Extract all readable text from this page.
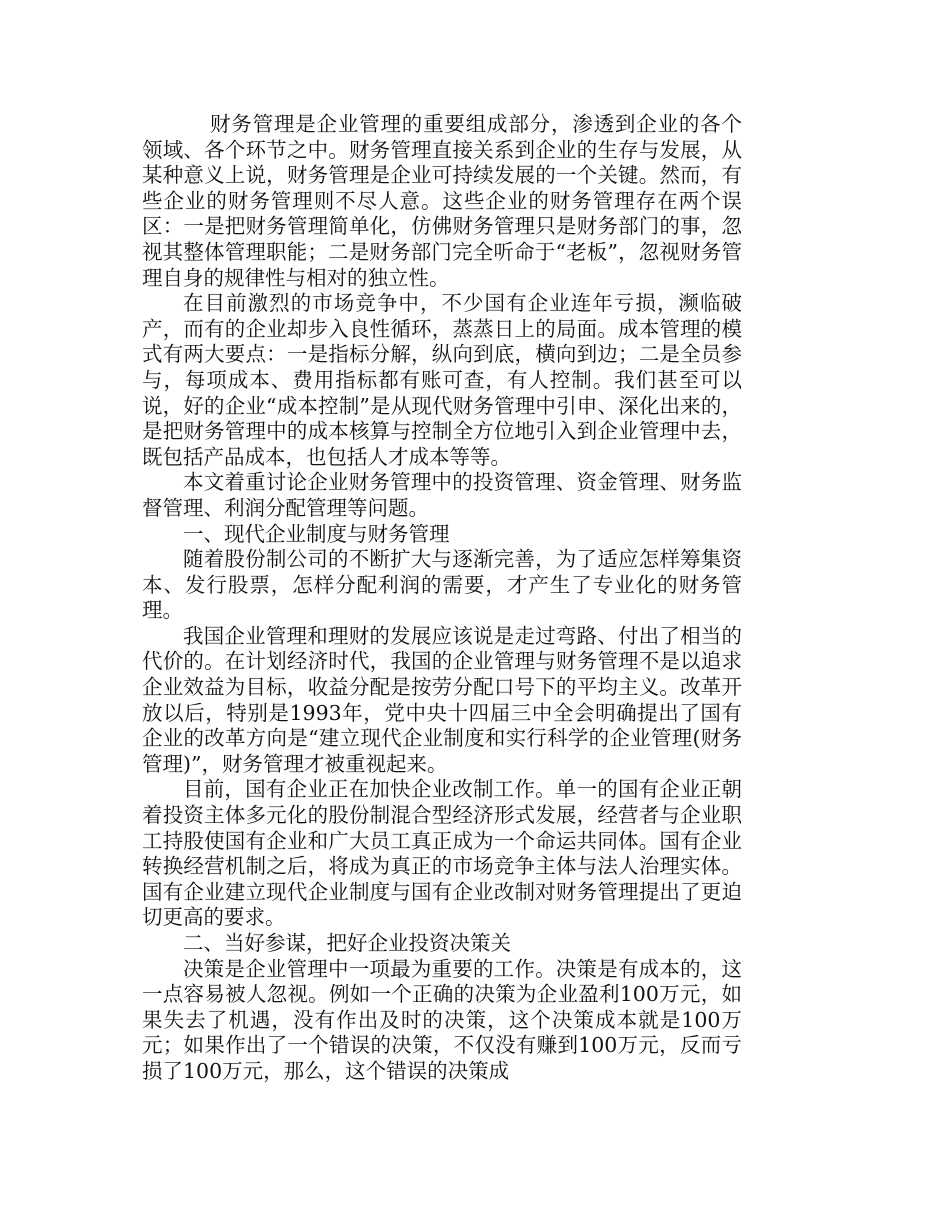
财务管理是企业管理的重要组成部分，渗透到企业的各个领域、各个环节之中。财务管理直接关系到企业的生存与发展，从某种意义上说，财务管理是企业可持续发展的一个关键。然而，有些企业的财务管理则不尽人意。这些企业的财务管理存在两个误区：一是把财务管理简单化，仿佛财务管理只是财务部门的事，忽视其整体管理职能；二是财务部门完全听命于“老板”，忽视财务管理自身的规律性与相对的独立性。

在目前激烈的市场竞争中，不少国有企业连年亏损，濒临破产，而有的企业却步入良性循环，蒸蒸日上的局面。成本管理的模式有两大要点：一是指标分解，纵向到底，横向到边；二是全员参与，每项成本、费用指标都有账可查，有人控制。我们甚至可以说，好的企业“成本控制”是从现代财务管理中引申、深化出来的，是把财务管理中的成本核算与控制全方位地引入到企业管理中去，既包括产品成本，也包括人才成本等等。

本文着重讨论企业财务管理中的投资管理、资金管理、财务监督管理、利润分配管理等问题。

一、现代企业制度与财务管理

随着股份制公司的不断扩大与逐渐完善，为了适应怎样筹集资本、发行股票，怎样分配利润的需要，才产生了专业化的财务管理。

我国企业管理和理财的发展应该说是走过弯路、付出了相当的代价的。在计划经济时代，我国的企业管理与财务管理不是以追求企业效益为目标，收益分配是按劳分配口号下的平均主义。改革开放以后，特别是1993年，党中央十四届三中全会明确提出了国有企业的改革方向是“建立现代企业制度和实行科学的企业管理(财务管理)”，财务管理才被重视起来。

目前，国有企业正在加快企业改制工作。单一的国有企业正朝着投资主体多元化的股份制混合型经济形式发展，经营者与企业职工持股使国有企业和广大员工真正成为一个命运共同体。国有企业转换经营机制之后，将成为真正的市场竞争主体与法人治理实体。国有企业建立现代企业制度与国有企业改制对财务管理提出了更迫切更高的要求。

二、当好参谋，把好企业投资决策关

决策是企业管理中一项最为重要的工作。决策是有成本的，这一点容易被人忽视。例如一个正确的决策为企业盈利100万元，如果失去了机遇，没有作出及时的决策，这个决策成本就是100万元；如果作出了一个错误的决策，不仅没有赚到100万元，反而亏损了100万元，那么，这个错误的决策成
